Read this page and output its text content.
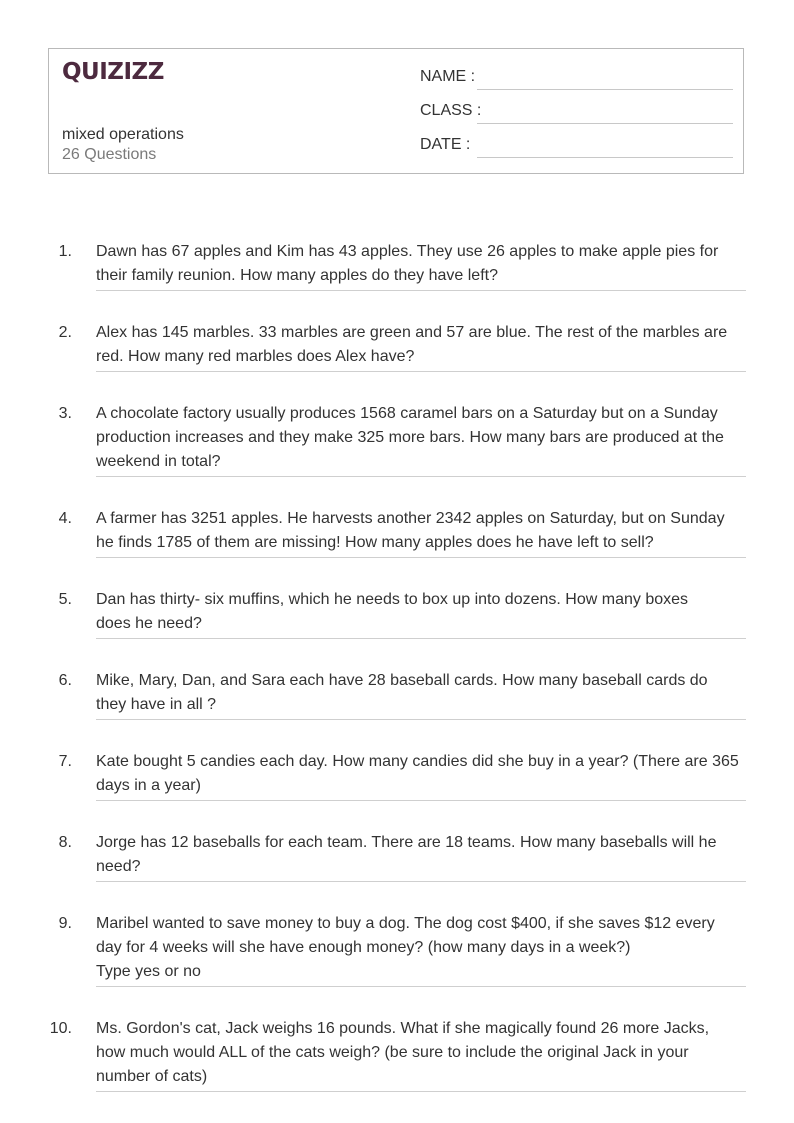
QUIZIZZ
mixed operations
26 Questions
NAME :
CLASS :
DATE :
1. Dawn has 67 apples and Kim has 43 apples. They use 26 apples to make apple pies for
their family reunion. How many apples do they have left?
2. Alex has 145 marbles. 33 marbles are green and 57 are blue. The rest of the marbles are
red. How many red marbles does Alex have?
3. A chocolate factory usually produces 1568 caramel bars on a Saturday but on a Sunday
production increases and they make 325 more bars. How many bars are produced at the
weekend in total?
4. A farmer has 3251 apples. He harvests another 2342 apples on Saturday, but on Sunday
he finds 1785 of them are missing! How many apples does he have left to sell?
5. Dan has thirty- six muffins, which he needs to box up into dozens. How many boxes
does he need?
6. Mike, Mary, Dan, and Sara each have 28 baseball cards. How many baseball cards do
they have in all ?
7. Kate bought 5 candies each day. How many candies did she buy in a year? (There are 365
days in a year)
8. Jorge has 12 baseballs for each team. There are 18 teams. How many baseballs will he
need?
9. Maribel wanted to save money to buy a dog. The dog cost $400, if she saves $12 every
day for 4 weeks will she have enough money? (how many days in a week?)
Type yes or no
10. Ms. Gordon's cat, Jack weighs 16 pounds. What if she magically found 26 more Jacks,
how much would ALL of the cats weigh? (be sure to include the original Jack in your
number of cats)
